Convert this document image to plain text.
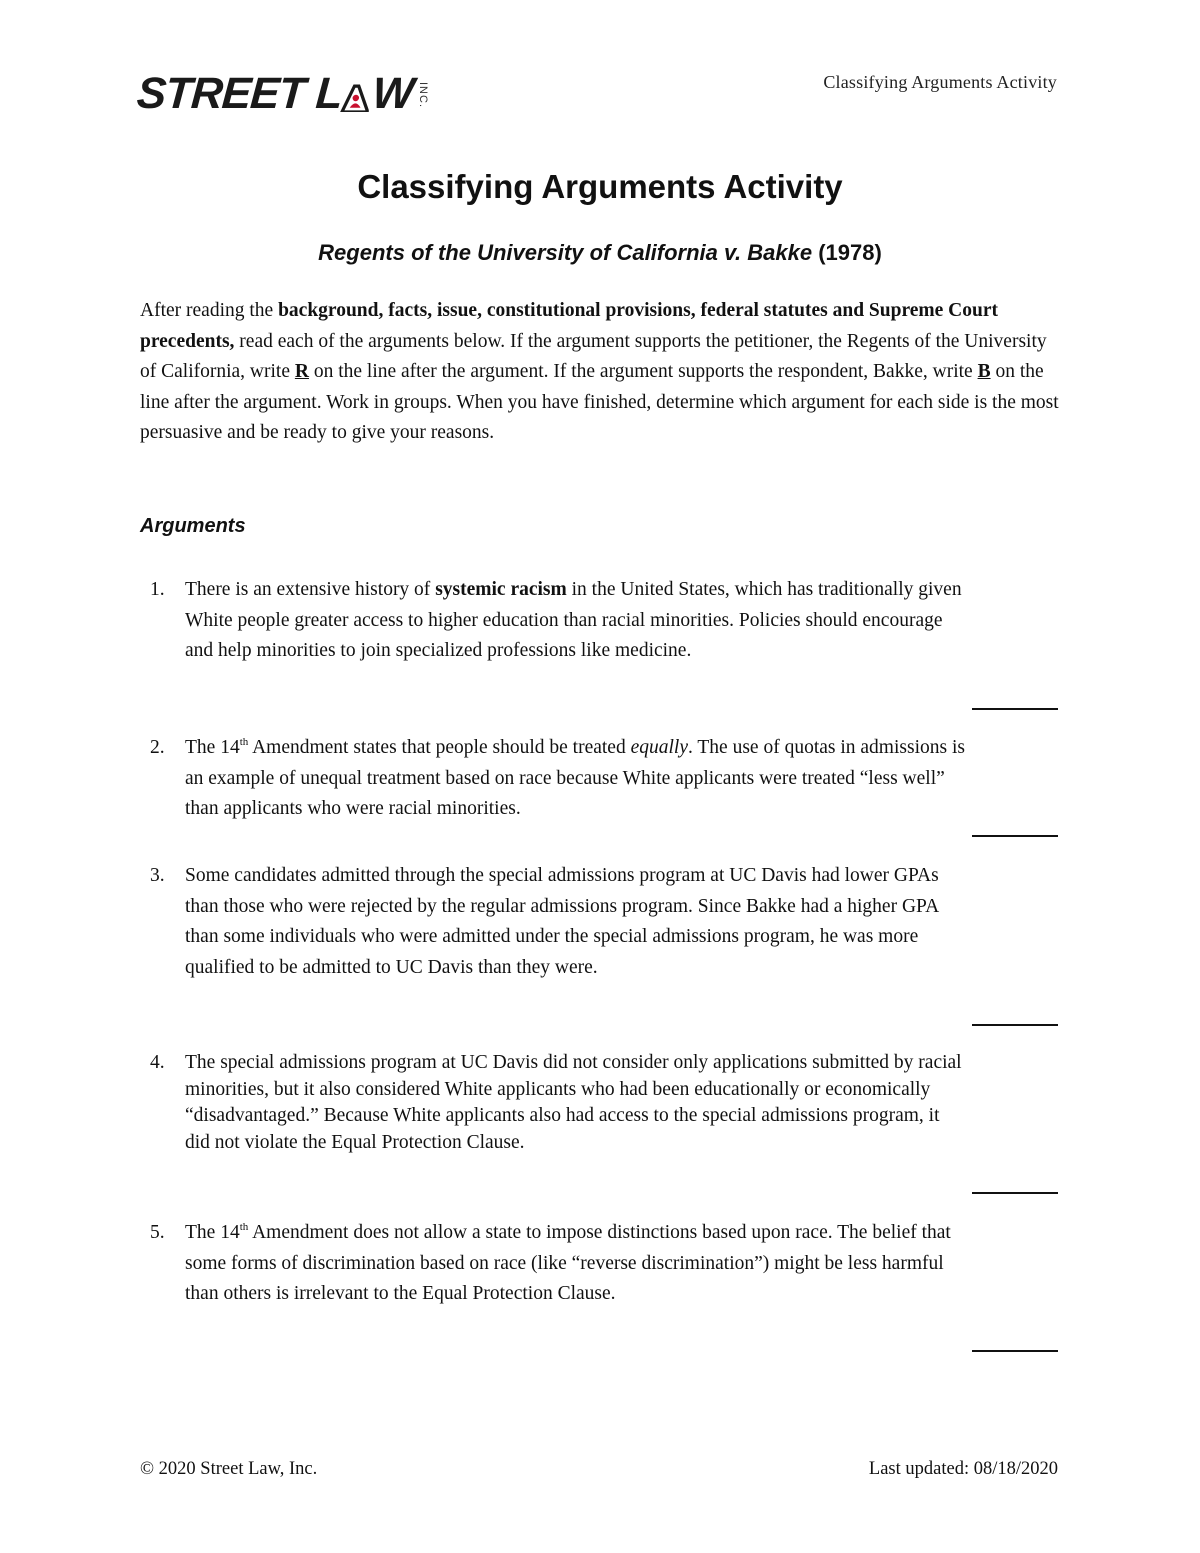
STREET L W INC.	Classifying Arguments Activity
Classifying Arguments Activity
Regents of the University of California v. Bakke (1978)
After reading the background, facts, issue, constitutional provisions, federal statutes and Supreme Court precedents, read each of the arguments below. If the argument supports the petitioner, the Regents of the University of California, write R on the line after the argument. If the argument supports the respondent, Bakke, write B on the line after the argument. Work in groups. When you have finished, determine which argument for each side is the most persuasive and be ready to give your reasons.
Arguments
1.	There is an extensive history of systemic racism in the United States, which has traditionally given White people greater access to higher education than racial minorities. Policies should encourage and help minorities to join specialized professions like medicine.
2.	The 14th Amendment states that people should be treated equally. The use of quotas in admissions is an example of unequal treatment based on race because White applicants were treated “less well” than applicants who were racial minorities.
3.	Some candidates admitted through the special admissions program at UC Davis had lower GPAs than those who were rejected by the regular admissions program. Since Bakke had a higher GPA than some individuals who were admitted under the special admissions program, he was more qualified to be admitted to UC Davis than they were.
4.	The special admissions program at UC Davis did not consider only applications submitted by racial minorities, but it also considered White applicants who had been educationally or economically “disadvantaged.” Because White applicants also had access to the special admissions program, it did not violate the Equal Protection Clause.
5.	The 14th Amendment does not allow a state to impose distinctions based upon race. The belief that some forms of discrimination based on race (like “reverse discrimination”) might be less harmful than others is irrelevant to the Equal Protection Clause.
© 2020 Street Law, Inc.	Last updated: 08/18/2020
